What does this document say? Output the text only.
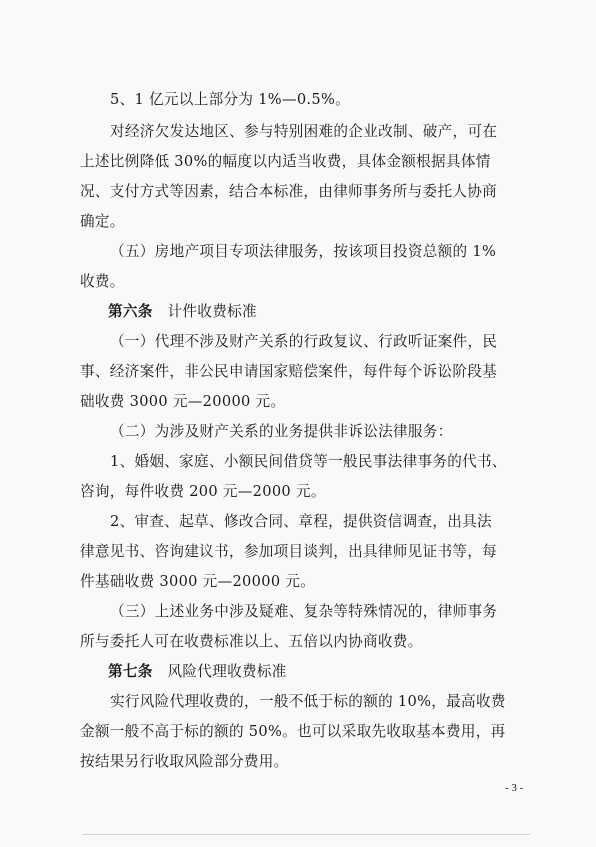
5、1 亿元以上部分为 1%—0.5%。
对经济欠发达地区、参与特别困难的企业改制、破产，可在
上述比例降低 30%的幅度以内适当收费，具体金额根据具体情
况、支付方式等因素，结合本标准，由律师事务所与委托人协商
确定。
（五）房地产项目专项法律服务，按该项目投资总额的 1%
收费。
第六条 计件收费标准
（一）代理不涉及财产关系的行政复议、行政听证案件，民
事、经济案件，非公民申请国家赔偿案件，每件每个诉讼阶段基
础收费 3000 元—20000 元。
（二）为涉及财产关系的业务提供非诉讼法律服务：
1、婚姻、家庭、小额民间借贷等一般民事法律事务的代书、
咨询，每件收费 200 元—2000 元。
2、审查、起草、修改合同、章程，提供资信调查，出具法
律意见书、咨询建议书，参加项目谈判，出具律师见证书等，每
件基础收费 3000 元—20000 元。
（三）上述业务中涉及疑难、复杂等特殊情况的，律师事务
所与委托人可在收费标准以上、五倍以内协商收费。
第七条 风险代理收费标准
实行风险代理收费的，一般不低于标的额的 10%，最高收费
金额一般不高于标的额的 50%。也可以采取先收取基本费用，再
按结果另行收取风险部分费用。
- 3 -
